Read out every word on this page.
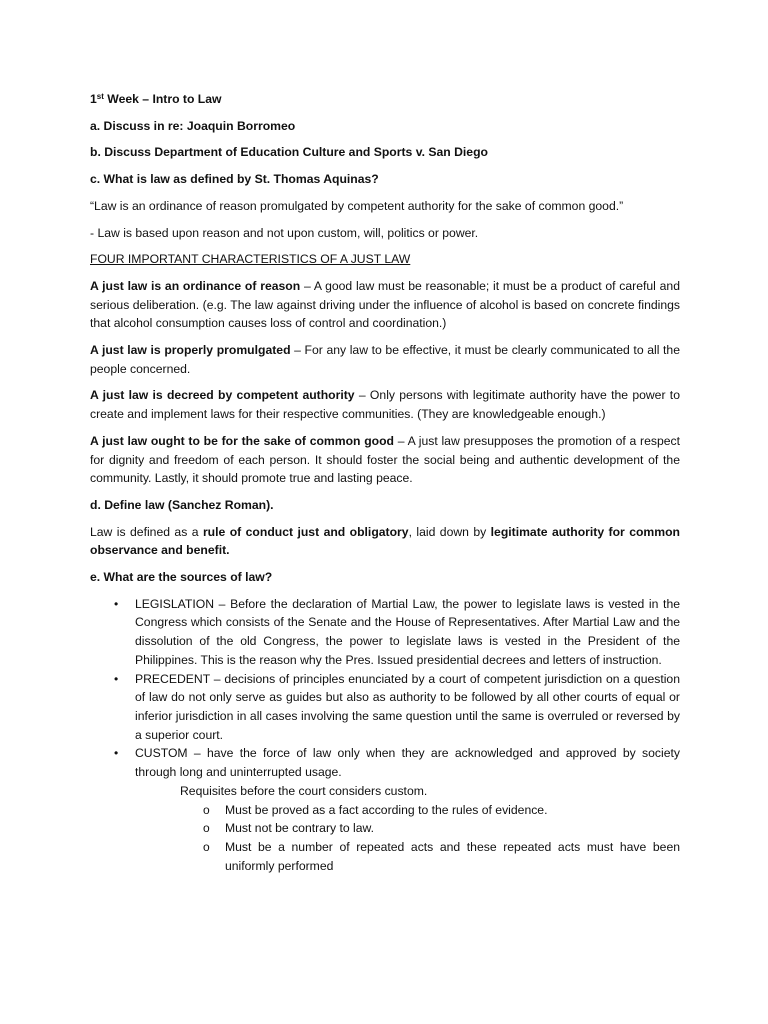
1st Week – Intro to Law

a. Discuss in re: Joaquin Borromeo

b. Discuss Department of Education Culture and Sports v. San Diego

c. What is law as defined by St. Thomas Aquinas?

“Law is an ordinance of reason promulgated by competent authority for the sake of common good.”

- Law is based upon reason and not upon custom, will, politics or power.

FOUR IMPORTANT CHARACTERISTICS OF A JUST LAW

A just law is an ordinance of reason – A good law must be reasonable; it must be a product of careful and serious deliberation. (e.g. The law against driving under the influence of alcohol is based on concrete findings that alcohol consumption causes loss of control and coordination.)

A just law is properly promulgated – For any law to be effective, it must be clearly communicated to all the people concerned.

A just law is decreed by competent authority – Only persons with legitimate authority have the power to create and implement laws for their respective communities. (They are knowledgeable enough.)

A just law ought to be for the sake of common good – A just law presupposes the promotion of a respect for dignity and freedom of each person. It should foster the social being and authentic development of the community. Lastly, it should promote true and lasting peace.

d. Define law (Sanchez Roman).

Law is defined as a rule of conduct just and obligatory, laid down by legitimate authority for common observance and benefit.

e. What are the sources of law?

• LEGISLATION – Before the declaration of Martial Law, the power to legislate laws is vested in the Congress which consists of the Senate and the House of Representatives. After Martial Law and the dissolution of the old Congress, the power to legislate laws is vested in the President of the Philippines. This is the reason why the Pres. Issued presidential decrees and letters of instruction.
• PRECEDENT – decisions of principles enunciated by a court of competent jurisdiction on a question of law do not only serve as guides but also as authority to be followed by all other courts of equal or inferior jurisdiction in all cases involving the same question until the same is overruled or reversed by a superior court.
• CUSTOM – have the force of law only when they are acknowledged and approved by society through long and uninterrupted usage.

Requisites before the court considers custom.

o Must be proved as a fact according to the rules of evidence.
o Must not be contrary to law.
o Must be a number of repeated acts and these repeated acts must have been uniformly performed
